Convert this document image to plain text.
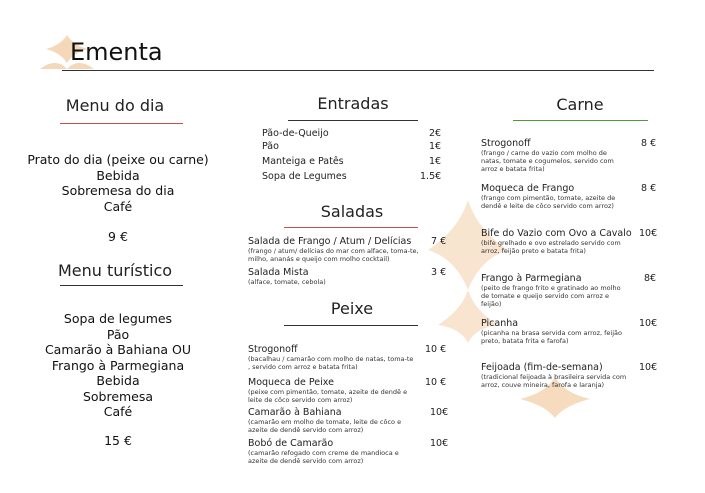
Ementa
Menu do dia
Prato do dia (peixe ou carne)
Bebida
Sobremesa do dia
Café
9 €
Menu turístico
Sopa de legumes
Pão
Camarão à Bahiana OU
Frango à Parmegiana
Bebida
Sobremesa
Café
15 €
Entradas
Pão-de-Queijo	2€
Pão	1€
Manteiga e Patês	1€
Sopa de Legumes	1.5€
Saladas
Salada de Frango / Atum / Delícias 7 €
(frango / atum/ delícias do mar com alface, toma-te, milho, ananás e queijo com molho cocktail)
Salada Mista	3 €
(alface, tomate, cebola)
Peixe
Strogonoff	10 €
(bacalhau / camarão com molho de natas, toma-te , servido com arroz e batata frita)
Moqueca de Peixe	10 €
(peixe com pimentão, tomate, azeite de dendê e leite de côco servido com arroz)
Camarão à Bahiana	10€
(camarão em molho de tomate, leite de côco e azeite de dendê servido com arroz)
Bobó de Camarão	10€
(camarão refogado com creme de mandioca e azeite de dendê servido com arroz)
Carne
Strogonoff	8 €
(frango / carne do vazio com molho de natas, tomate e cogumelos, servido com arroz e batata frita)
Moqueca de Frango	8 €
(frango com pimentão, tomate, azeite de dendê e leite de côco servido com arroz)
Bife do Vazio com Ovo a Cavalo 10€
(bife grelhado e ovo estrelado servido com arroz, feijão preto e batata frita)
Frango à Parmegiana	8€
(peito de frango frito e gratinado ao molho de tomate e queijo servido com arroz e feijão)
Picanha	10€
(picanha na brasa servida com arroz, feijão preto, batata frita e farofa)
Feijoada (fim-de-semana)	10€
(tradicional feijoada à brasileira servida com arroz, couve mineira, farofa e laranja)
